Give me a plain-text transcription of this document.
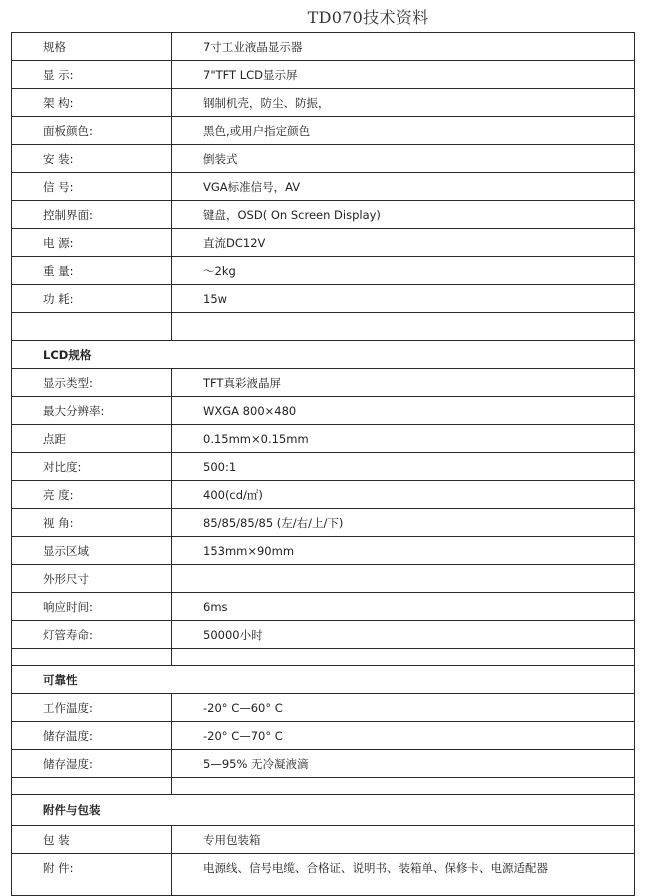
TD070技术资料
规格	7寸工业液晶显示器
显 示:	7"TFT LCD显示屏
架 构:	钢制机壳，防尘、防振，
面板颜色:	黑色,或用户指定颜色
安 装:	倒装式
信 号:	VGA标准信号，AV
控制界面:	键盘，OSD( On Screen Display)
电 源:	直流DC12V
重 量:	～2kg
功 耗:	15w

LCD规格	
显示类型:	TFT真彩液晶屏
最大分辨率:	WXGA 800×480
点距	0.15mm×0.15mm
对比度:	500:1
亮 度:	400(cd/㎡)
视 角:	85/85/85/85 (左/右/上/下)
显示区域	153mm×90mm
外形尺寸	
响应时间:	6ms
灯管寿命:	50000小时

可靠性	
工作温度:	-20° C—60° C
储存温度:	-20° C—70° C
储存湿度:	5—95% 无冷凝液滴

附件与包装	
包 装	专用包装箱
附 件:	电源线、信号电缆、合格证、说明书、装箱单、保修卡、电源适配器
